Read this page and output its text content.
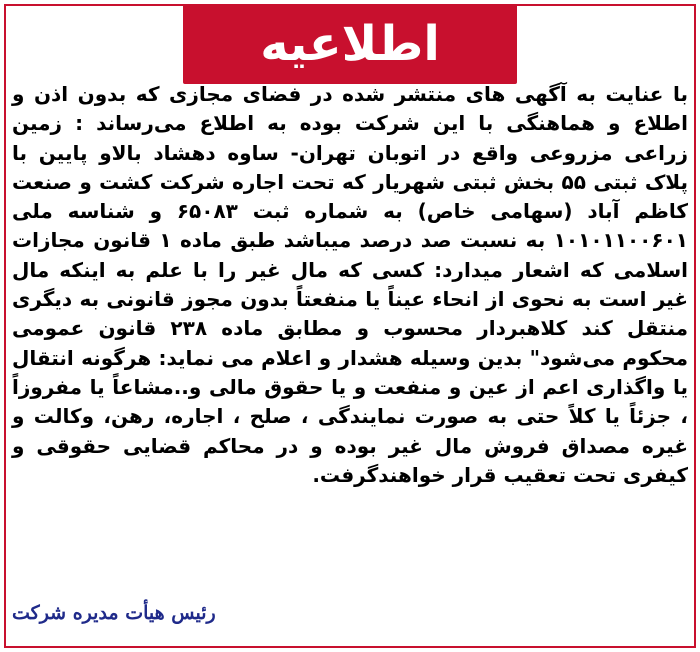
اطلاعیه

با عنایت به آگهی های منتشر شده در فضای مجازی که بدون اذن و اطلاع و هماهنگی با این شرکت بوده به اطلاع می‌رساند : زمین زراعی مزروعی واقع در اتوبان تهران- ساوه دهشاد بالاو پایین با پلاک ثبتی ۵۵ بخش ثبتی شهریار که تحت اجاره شرکت کشت و صنعت کاظم آباد (سهامی خاص) به شماره ثبت ۶۵۰۸۳ و شناسه ملی ۱۰۱۰۱۱۰۰۶۰۱ به نسبت صد درصد میباشد طبق ماده ۱ قانون مجازات اسلامی که اشعار میدارد: کسی که مال غیر را با علم به اینکه مال غیر است به نحوی از انحاء عیناً یا منفعتاً بدون مجوز قانونی به دیگری منتقل کند کلاهبردار محسوب و مطابق ماده ۲۳۸ قانون عمومی محکوم می‌شود" بدین وسیله هشدار و اعلام می نماید: هرگونه انتقال یا واگذاری اعم از عین و منفعت و یا حقوق مالی و..مشاعاً یا مفروزاً ، جزئاً یا کلاً حتی به صورت نمایندگی ، صلح ، اجاره، رهن، وکالت و غیره مصداق فروش مال غیر بوده و در محاکم قضایی حقوقی و کیفری تحت تعقیب قرار خواهندگرفت.

رئیس هیأت مدیره شرکت
